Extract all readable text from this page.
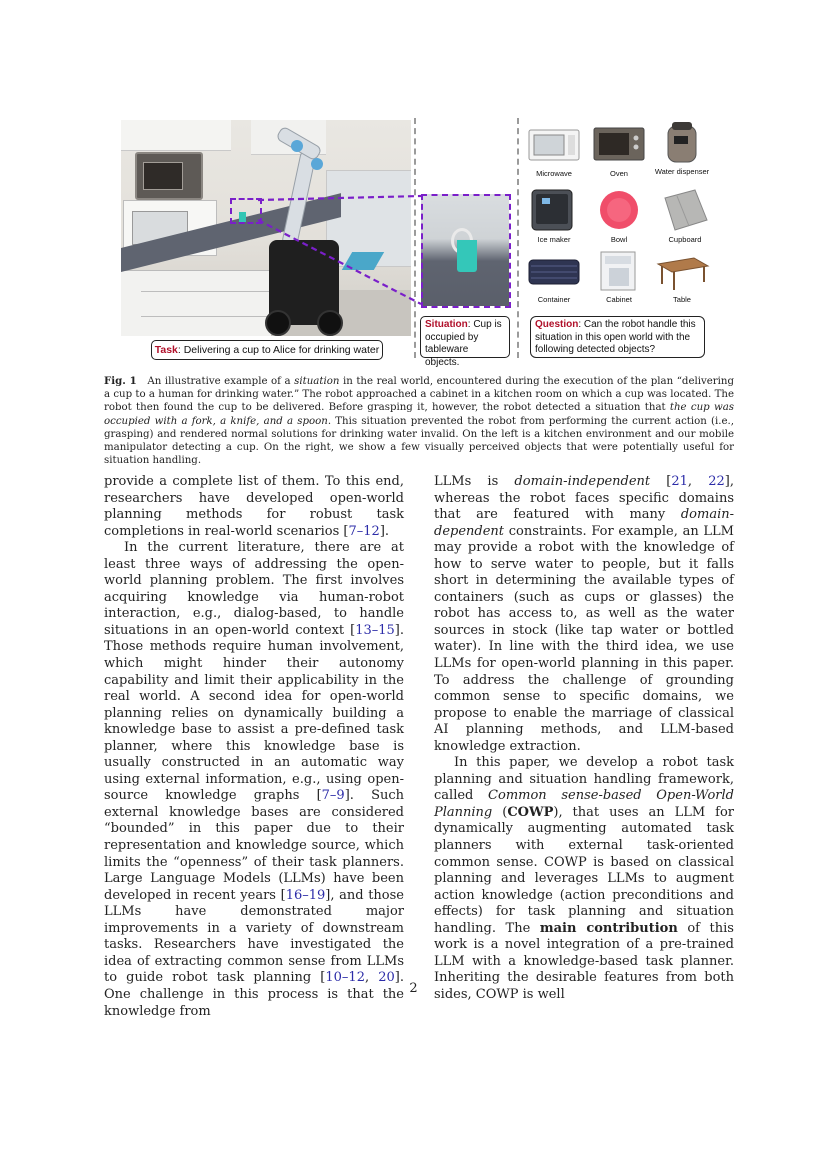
Task: Delivering a cup to Alice for drinking water
Situation: Cup is occupied by tableware objects.
Microwave	Oven	Water dispenser
Ice maker	Bowl	Cupboard
Container	Cabinet	Table
Question: Can the robot handle this situation in this open world with the following detected objects?
Fig. 1 An illustrative example of a situation in the real world, encountered during the execution of the plan “delivering a cup to a human for drinking water.” The robot approached a cabinet in a kitchen room on which a cup was located. The robot then found the cup to be delivered. Before grasping it, however, the robot detected a situation that the cup was occupied with a fork, a knife, and a spoon. This situation prevented the robot from performing the current action (i.e., grasping) and rendered normal solutions for drinking water invalid. On the left is a kitchen environment and our mobile manipulator detecting a cup. On the right, we show a few visually perceived objects that were potentially useful for situation handling.

provide a complete list of them. To this end, researchers have developed open-world planning methods for robust task completions in real-world scenarios [7–12].

In the current literature, there are at least three ways of addressing the open-world planning problem. The first involves acquiring knowledge via human-robot interaction, e.g., dialog-based, to handle situations in an open-world context [13–15]. Those methods require human involvement, which might hinder their autonomy capability and limit their applicability in the real world. A second idea for open-world planning relies on dynamically building a knowledge base to assist a pre-defined task planner, where this knowledge base is usually constructed in an automatic way using external information, e.g., using open-source knowledge graphs [7–9]. Such external knowledge bases are considered “bounded” in this paper due to their representation and knowledge source, which limits the “openness” of their task planners. Large Language Models (LLMs) have been developed in recent years [16–19], and those LLMs have demonstrated major improvements in a variety of downstream tasks. Researchers have investigated the idea of extracting common sense from LLMs to guide robot task planning [10–12, 20]. One challenge in this process is that the knowledge from

LLMs is domain-independent [21, 22], whereas the robot faces specific domains that are featured with many domain-dependent constraints. For example, an LLM may provide a robot with the knowledge of how to serve water to people, but it falls short in determining the available types of containers (such as cups or glasses) the robot has access to, as well as the water sources in stock (like tap water or bottled water). In line with the third idea, we use LLMs for open-world planning in this paper. To address the challenge of grounding common sense to specific domains, we propose to enable the marriage of classical AI planning methods, and LLM-based knowledge extraction.

In this paper, we develop a robot task planning and situation handling framework, called Common sense-based Open-World Planning (COWP), that uses an LLM for dynamically augmenting automated task planners with external task-oriented common sense. COWP is based on classical planning and leverages LLMs to augment action knowledge (action preconditions and effects) for task planning and situation handling. The main contribution of this work is a novel integration of a pre-trained LLM with a knowledge-based task planner. Inheriting the desirable features from both sides, COWP is well

2
